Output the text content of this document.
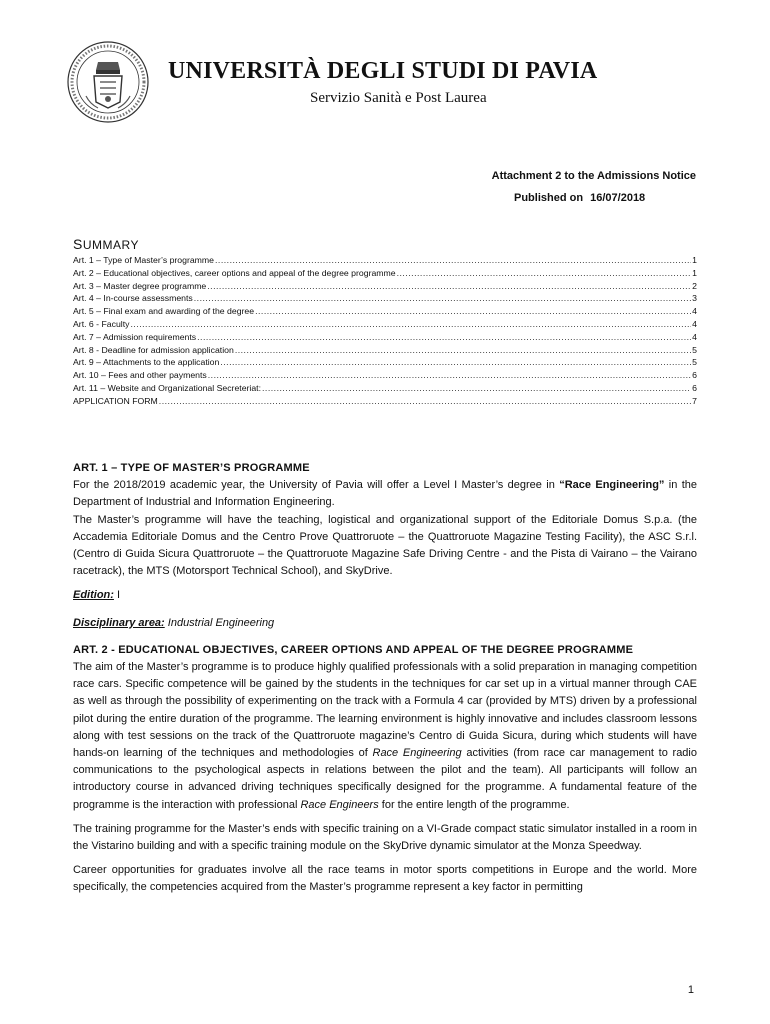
UNIVERSITÀ DEGLI STUDI DI PAVIA
Servizio Sanità e Post Laurea
Attachment 2 to the Admissions Notice
Published on 16/07/2018
SUMMARY
Art. 1 – Type of Master’s programme .....	1
Art. 2 – Educational objectives, career options and appeal of the degree programme .....	1
Art. 3 – Master degree programme .....	2
Art. 4 – In-course assessments .....	3
Art. 5 – Final exam and awarding of the degree .....	4
Art. 6 - Faculty .....	4
Art. 7 – Admission requirements .....	4
Art. 8 - Deadline for admission application .....	5
Art. 9 – Attachments to the application .....	5
Art. 10 – Fees and other payments .....	6
Art. 11 – Website and Organizational Secreteriat: .....	6
APPLICATION FORM .....	7

ART. 1 – TYPE OF MASTER’S PROGRAMME

For the 2018/2019 academic year, the University of Pavia will offer a Level I Master’s degree in “Race Engineering” in the Department of Industrial and Information Engineering.

The Master’s programme will have the teaching, logistical and organizational support of the Editoriale Domus S.p.a. (the Accademia Editoriale Domus and the Centro Prove Quattroruote – the Quattroruote Magazine Testing Facility), the ASC S.r.l. (Centro di Guida Sicura Quattroruote – the Quattroruote Magazine Safe Driving Centre - and the Pista di Vairano – the Vairano racetrack), the MTS (Motorsport Technical School), and SkyDrive.

Edition: I

Disciplinary area: Industrial Engineering

ART. 2 - EDUCATIONAL OBJECTIVES, CAREER OPTIONS AND APPEAL OF THE DEGREE PROGRAMME

The aim of the Master’s programme is to produce highly qualified professionals with a solid preparation in managing competition race cars. Specific competence will be gained by the students in the techniques for car set up in a virtual manner through CAE as well as through the possibility of experimenting on the track with a Formula 4 car (provided by MTS) driven by a professional pilot during the entire duration of the programme. The learning environment is highly innovative and includes classroom lessons along with test sessions on the track of the Quattroruote magazine’s Centro di Guida Sicura, during which students will have hands-on learning of the techniques and methodologies of Race Engineering activities (from race car management to radio communications to the psychological aspects in relations between the pilot and the team). All participants will follow an introductory course in advanced driving techniques specifically designed for the programme. A fundamental feature of the programme is the interaction with professional Race Engineers for the entire length of the programme.

The training programme for the Master’s ends with specific training on a VI-Grade compact static simulator installed in a room in the Vistarino building and with a specific training module on the SkyDrive dynamic simulator at the Monza Speedway.

Career opportunities for graduates involve all the race teams in motor sports competitions in Europe and the world. More specifically, the competencies acquired from the Master’s programme represent a key factor in permitting

1
